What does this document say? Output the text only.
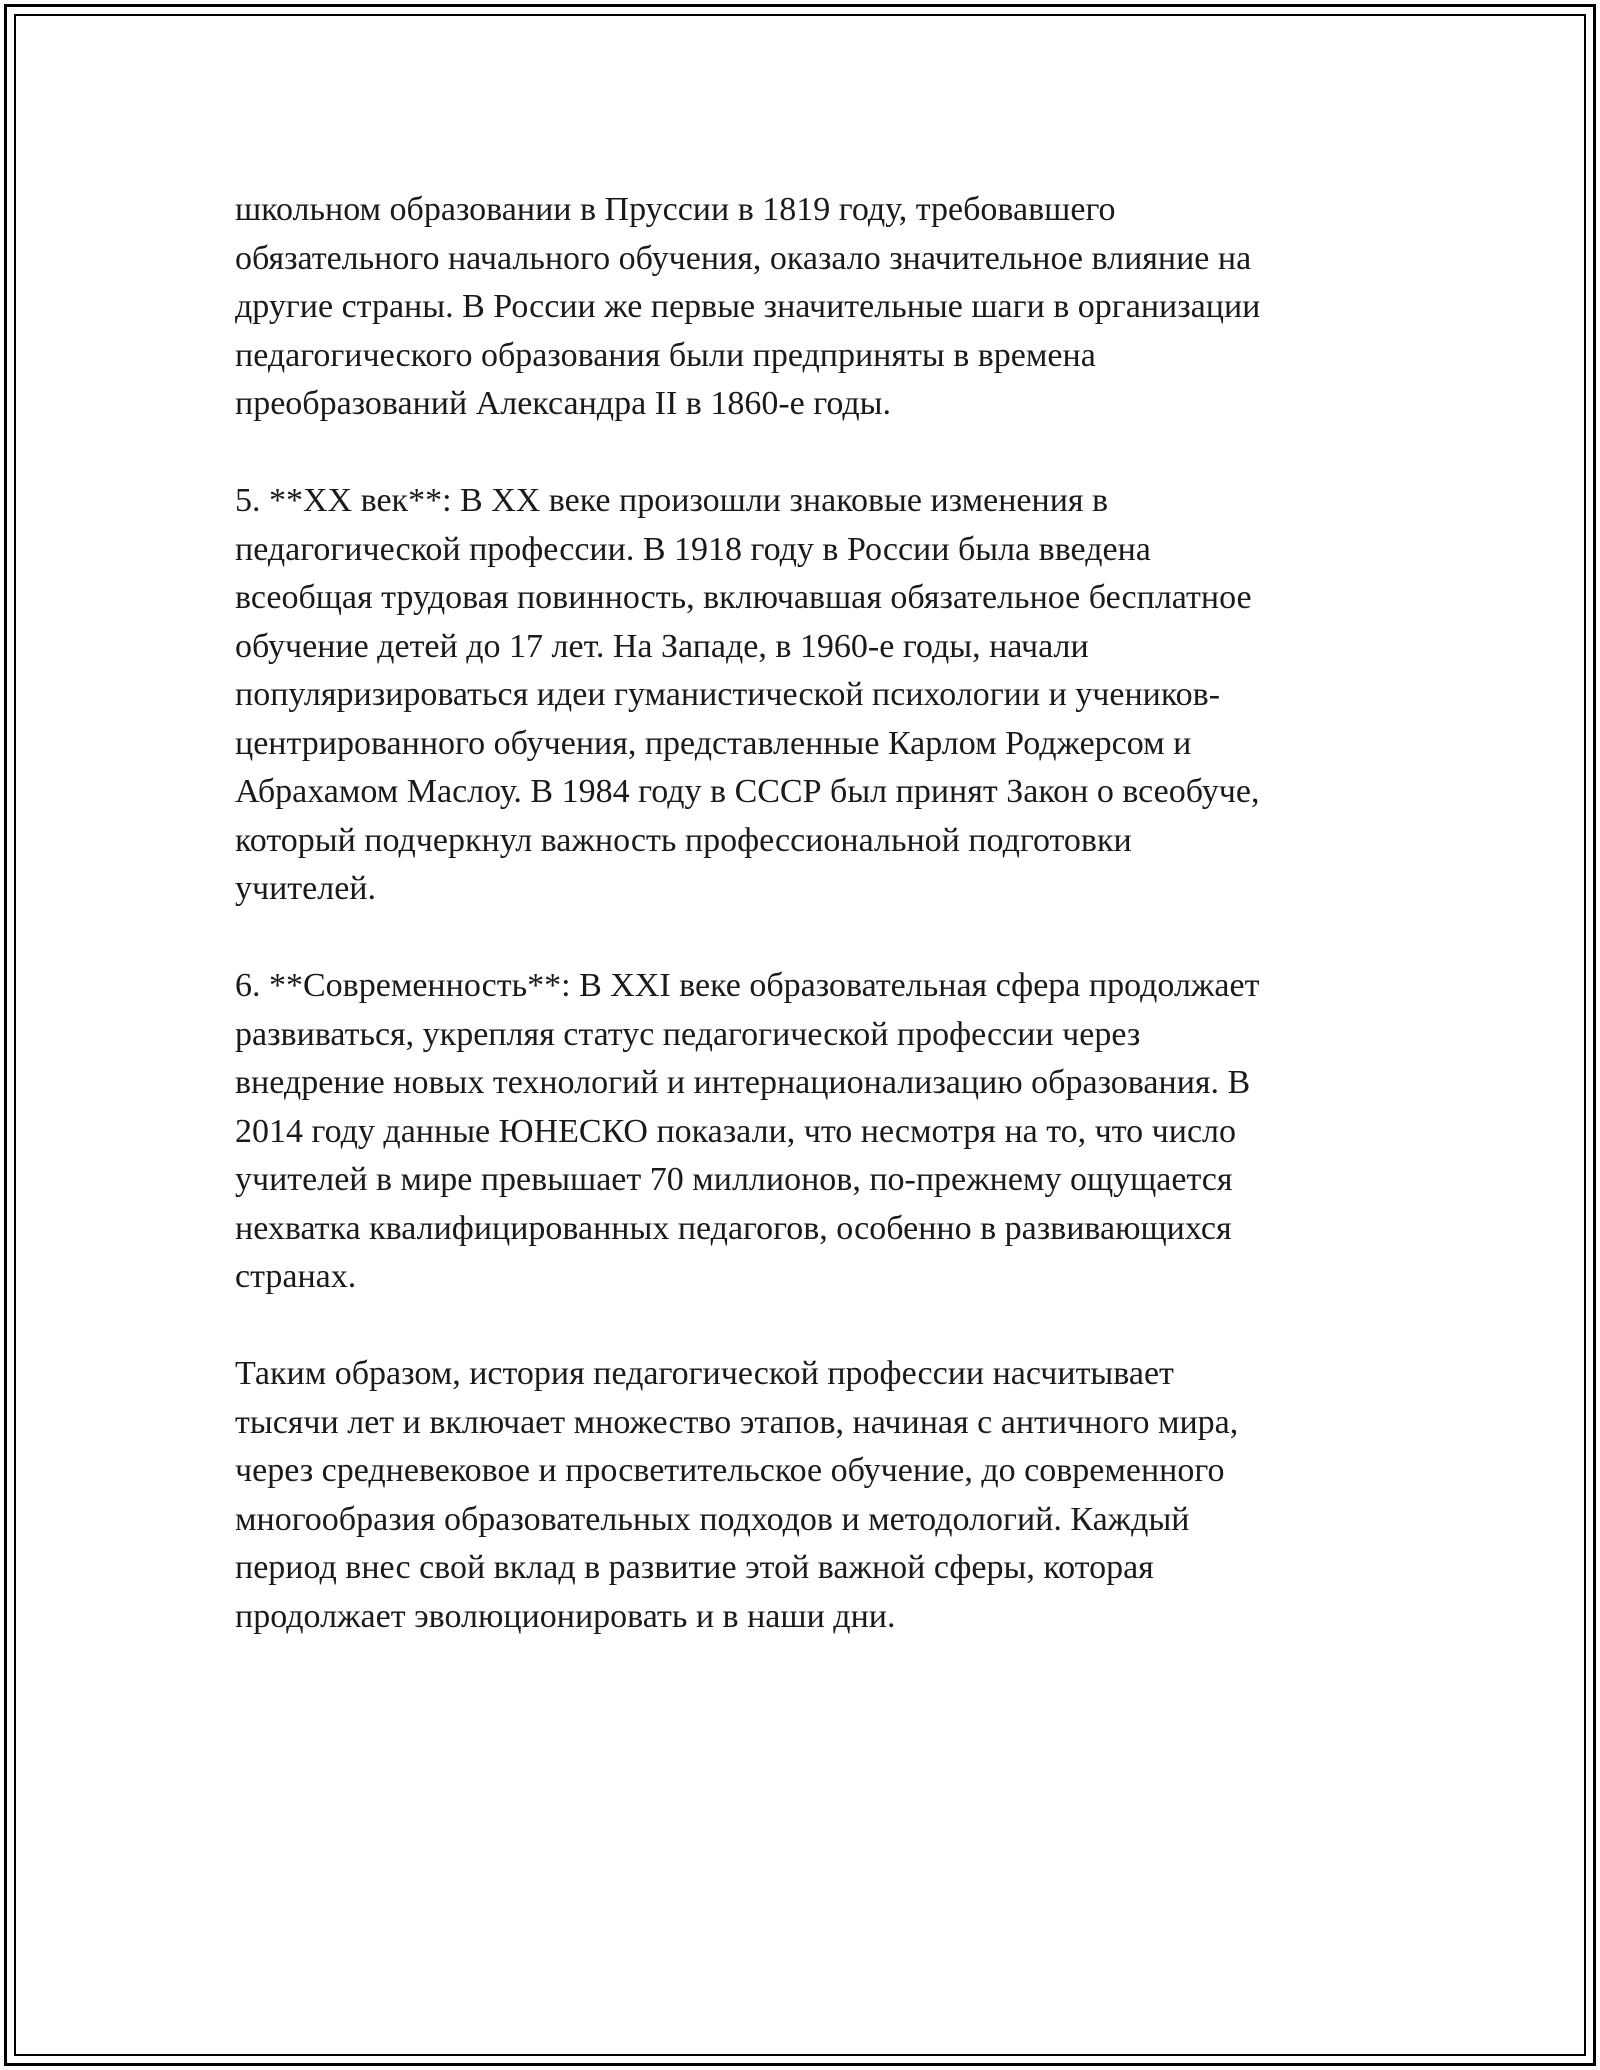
школьном образовании в Пруссии в 1819 году, требовавшего
обязательного начального обучения, оказало значительное влияние на
другие страны. В России же первые значительные шаги в организации
педагогического образования были предприняты в времена
преобразований Александра II в 1860-е годы.
5. **XX век**: В XX веке произошли знаковые изменения в
педагогической профессии. В 1918 году в России была введена
всеобщая трудовая повинность, включавшая обязательное бесплатное
обучение детей до 17 лет. На Западе, в 1960-е годы, начали
популяризироваться идеи гуманистической психологии и учеников-
центрированного обучения, представленные Карлом Роджерсом и
Абрахамом Маслоу. В 1984 году в СССР был принят Закон о всеобуче,
который подчеркнул важность профессиональной подготовки
учителей.
6. **Современность**: В XXI веке образовательная сфера продолжает
развиваться, укрепляя статус педагогической профессии через
внедрение новых технологий и интернационализацию образования. В
2014 году данные ЮНЕСКО показали, что несмотря на то, что число
учителей в мире превышает 70 миллионов, по-прежнему ощущается
нехватка квалифицированных педагогов, особенно в развивающихся
странах.
Таким образом, история педагогической профессии насчитывает
тысячи лет и включает множество этапов, начиная с античного мира,
через средневековое и просветительское обучение, до современного
многообразия образовательных подходов и методологий. Каждый
период внес свой вклад в развитие этой важной сферы, которая
продолжает эволюционировать и в наши дни.
